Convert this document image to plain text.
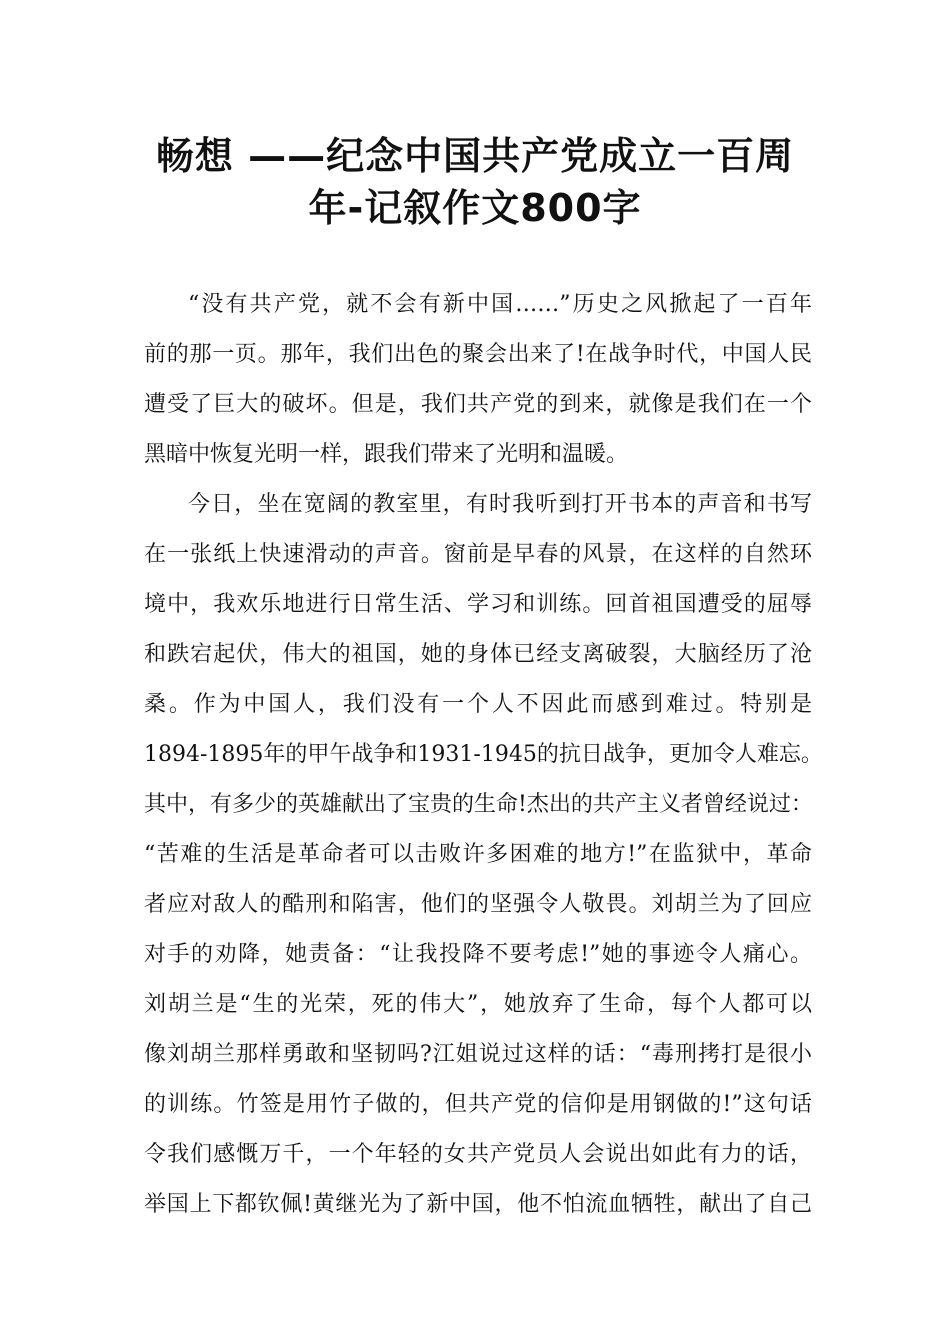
畅想 ——纪念中国共产党成立一百周
年-记叙作文800字
“没有共产党，就不会有新中国……”历史之风掀起了一百年
前的那一页。那年，我们出色的聚会出来了!在战争时代，中国人民
遭受了巨大的破坏。但是，我们共产党的到来，就像是我们在一个
黑暗中恢复光明一样，跟我们带来了光明和温暖。
今日，坐在宽阔的教室里，有时我听到打开书本的声音和书写
在一张纸上快速滑动的声音。窗前是早春的风景，在这样的自然环
境中，我欢乐地进行日常生活、学习和训练。回首祖国遭受的屈辱
和跌宕起伏，伟大的祖国，她的身体已经支离破裂，大脑经历了沧
桑。作为中国人，我们没有一个人不因此而感到难过。特别是
1894-1895年的甲午战争和1931-1945的抗日战争，更加令人难忘。
其中，有多少的英雄献出了宝贵的生命!杰出的共产主义者曾经说过：
“苦难的生活是革命者可以击败许多困难的地方!”在监狱中，革命
者应对敌人的酷刑和陷害，他们的坚强令人敬畏。刘胡兰为了回应
对手的劝降，她责备：“让我投降不要考虑!”她的事迹令人痛心。
刘胡兰是“生的光荣，死的伟大”，她放弃了生命，每个人都可以
像刘胡兰那样勇敢和坚韧吗?江姐说过这样的话：“毒刑拷打是很小
的训练。竹签是用竹子做的，但共产党的信仰是用钢做的!”这句话
令我们感慨万千，一个年轻的女共产党员人会说出如此有力的话，
举国上下都钦佩!黄继光为了新中国，他不怕流血牺牲，献出了自己
